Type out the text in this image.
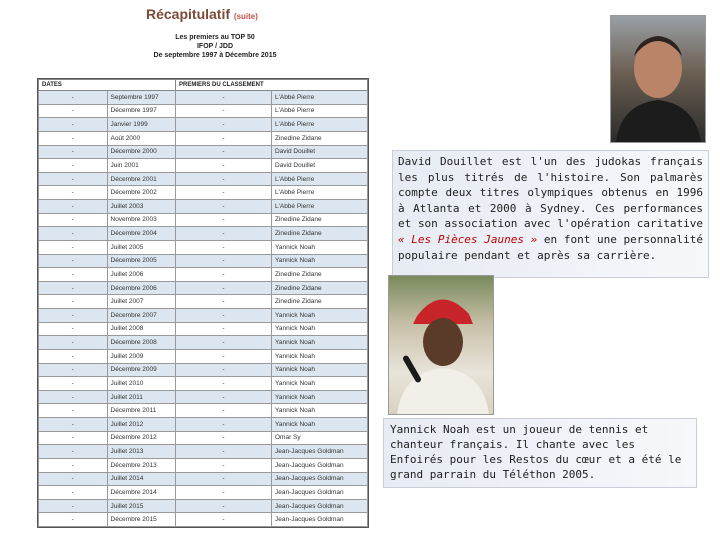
Récapitulatif (suite)
Les premiers au TOP 50
IFOP / JDD
De septembre 1997 à Décembre 2015
DATES		PREMIERS DU CLASSEMENT	
-	Septembre 1997	-	L'Abbé Pierre
-	Décembre 1997	-	L'Abbé Pierre
-	Janvier 1999	-	L'Abbé Pierre
-	Août 2000	-	Zinedine Zidane
-	Décembre 2000	-	David Douillet
-	Juin 2001	-	David Douillet
-	Décembre 2001	-	L'Abbé Pierre
-	Décembre 2002	-	L'Abbé Pierre
-	Juillet 2003	-	L'Abbé Pierre
-	Novembre 2003	-	Zinedine Zidane
-	Décembre 2004	-	Zinedine Zidane
-	Juillet 2005	-	Yannick Noah
-	Décembre 2005	-	Yannick Noah
-	Juillet 2006	-	Zinedine Zidane
-	Décembre 2006	-	Zinedine Zidane
-	Juillet 2007	-	Zinedine Zidane
-	Décembre 2007	-	Yannick Noah
-	Juillet 2008	-	Yannick Noah
-	Décembre 2008	-	Yannick Noah
-	Juillet 2009	-	Yannick Noah
-	Décembre 2009	-	Yannick Noah
-	Juillet 2010	-	Yannick Noah
-	Juillet 2011	-	Yannick Noah
-	Décembre 2011	-	Yannick Noah
-	Juillet 2012	-	Yannick Noah
-	Décembre 2012	-	Omar Sy
-	Juillet 2013	-	Jean-Jacques Goldman
-	Décembre 2013	-	Jean-Jacques Goldman
-	Juillet 2014	-	Jean-Jacques Goldman
-	Décembre 2014	-	Jean-Jacques Goldman
-	Juillet 2015	-	Jean-Jacques Goldman
-	Décembre 2015	-	Jean-Jacques Goldman
David Douillet est l'un des judokas français les plus titrés de l'histoire. Son palmarès compte deux titres olympiques obtenus en 1996 à Atlanta et 2000 à Sydney. Ces performances et son association avec l'opération caritative « Les Pièces Jaunes » en font une personnalité populaire pendant et après sa carrière.
Yannick Noah est un joueur de tennis et chanteur français. Il chante avec les Enfoirés pour les Restos du cœur et a été le grand parrain du Téléthon 2005.
